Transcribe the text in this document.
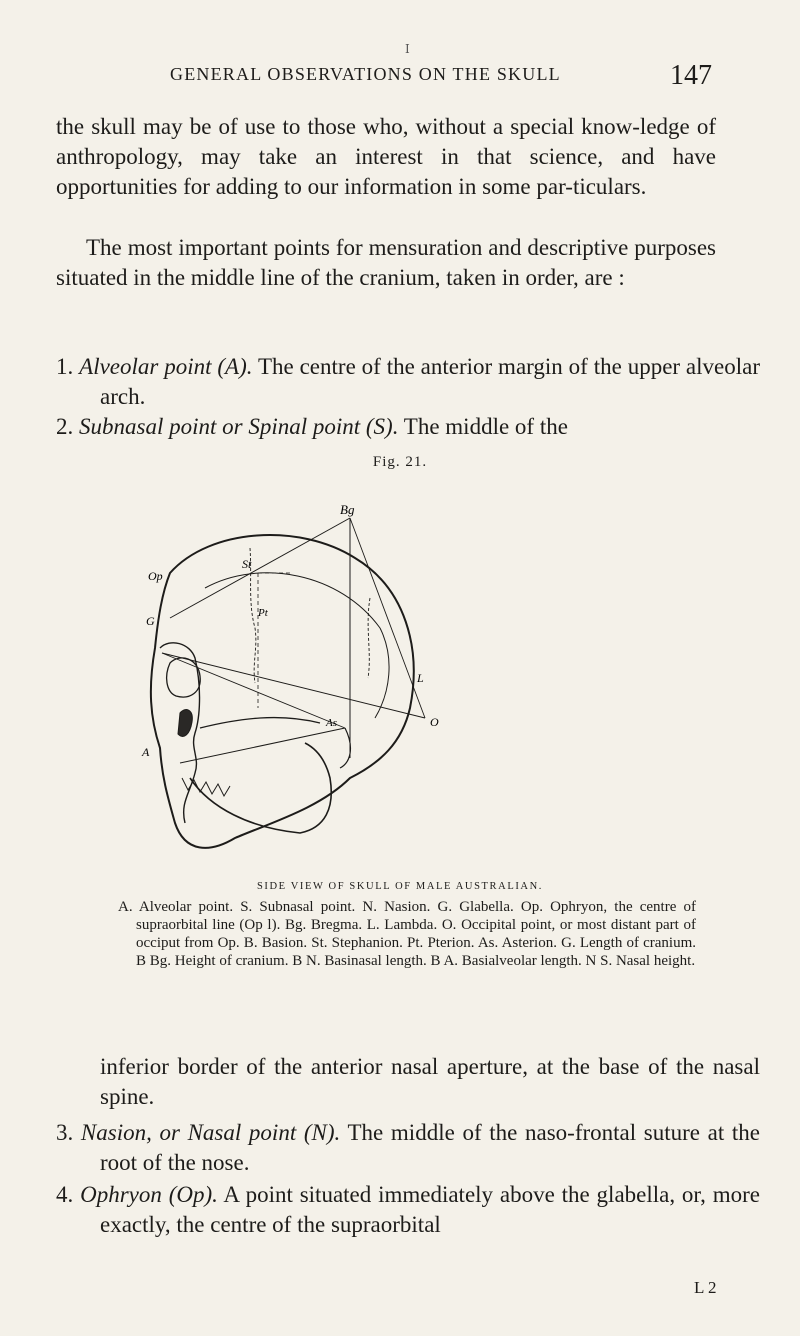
I
GENERAL OBSERVATIONS ON THE SKULL	147
the skull may be of use to those who, without a special know-ledge of anthropology, may take an interest in that science, and have opportunities for adding to our information in some par-ticulars.
The most important points for mensuration and descriptive purposes situated in the middle line of the cranium, taken in order, are :
1. Alveolar point (A). The centre of the anterior margin of the upper alveolar arch.
2. Subnasal point or Spinal point (S). The middle of the
Fig. 21.
Bg
Op
St
G
L
O
A
As
Pt
SIDE VIEW OF SKULL OF MALE AUSTRALIAN.
A. Alveolar point. S. Subnasal point. N. Nasion. G. Glabella. Op. Ophryon, the centre of supraorbital line (Op l). Bg. Bregma. L. Lambda. O. Occipital point, or most distant part of occiput from Op. B. Basion. St. Stephanion. Pt. Pterion. As. Asterion. G. Length of cranium. B Bg. Height of cranium. B N. Basinasal length. B A. Basialveolar length. N S. Nasal height.
inferior border of the anterior nasal aperture, at the base of the nasal spine.
3. Nasion, or Nasal point (N). The middle of the naso-frontal suture at the root of the nose.
4. Ophryon (Op). A point situated immediately above the glabella, or, more exactly, the centre of the supraorbital
L 2
